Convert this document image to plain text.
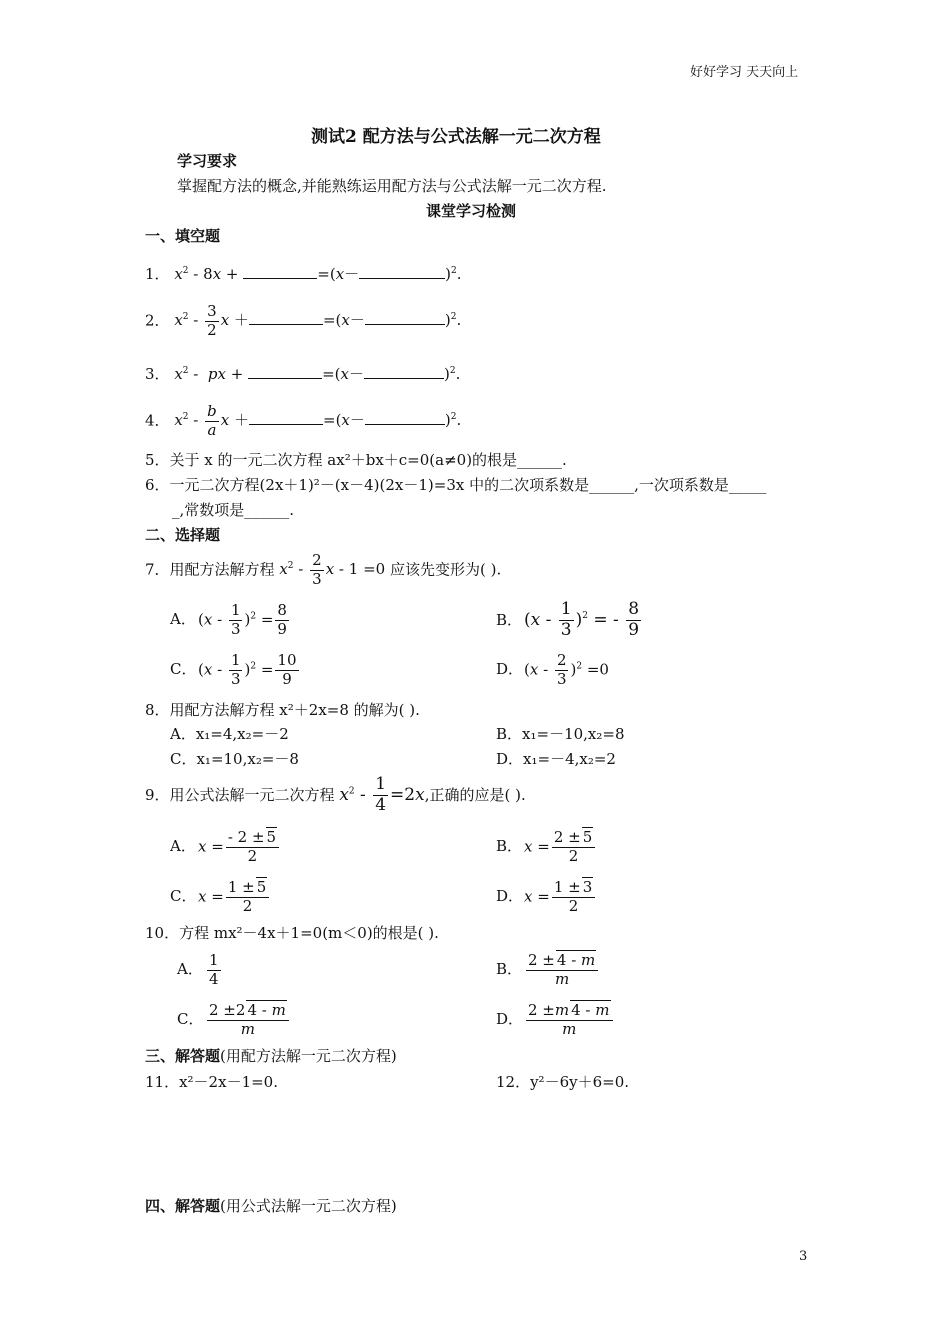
好好学习 天天向上
测试2 配方法与公式法解一元二次方程
学习要求
掌握配方法的概念,并能熟练运用配方法与公式法解一元二次方程.
课堂学习检测
一、填空题
1． $x^2 - 8x$ +	=(x－	)$^2$.
2． $x^2 - \frac{3}{2}$ x ＋	=(x－	)$^2$.
3． $x^2$ -  px +	=(x－	)$^2$.
4． $x^2 - \frac{b}{a}$ x ＋	=(x－	)$^2$.
5．关于 x 的一元二次方程 ax²＋bx＋c=0(a≠0)的根是______.
6．一元二次方程(2x＋1)²－(x－4)(2x－1)=3x 中的二次项系数是______,一次项系数是_____
_,常数项是______.
二、选择题
7．用配方法解方程 $x^2 - \frac{2}{3}$ x - 1 =0 应该先变形为( ).
A． $(x - \frac{1}{3} )^2 = \frac{8}{9}$	B． $(x - \frac{1}{3} )^2$ = - $\frac{8}{9}$
C． $(x - \frac{1}{3} )^2 = \frac{10}{9}$	D．$(x - \frac{2}{3} )^2 =0$
8．用配方法解方程 x²＋2x=8 的解为( ).
A．x₁=4,x₂=－2	B．x₁=－10,x₂=8
C．x₁=10,x₂=－8	D．x₁=－4,x₂=2
9．用公式法解一元二次方程 $x^2 - \frac{1}{4} =2x$,正确的应是( ).
A． $x = \frac{- 2 \pm 5}{2}$	B． $x = \frac{2 \pm 5}{2}$
C． $x = \frac{1 \pm 5}{2}$	D．$x = \frac{1 \pm 3}{2}$
10．方程 mx²－4x＋1=0(m＜0)的根是( ).
A． $\frac{1}{4}$	B． $\frac{2 \pm 4 - m}{m}$
C． $\frac{2 \pm 2 4 - m}{m}$	D． $\frac{2 \pm m 4 - m}{m}$
三、解答题(用配方法解一元二次方程)
11．x²－2x－1=0.	12．y²－6y＋6=0.
四、解答题(用公式法解一元二次方程)
3
